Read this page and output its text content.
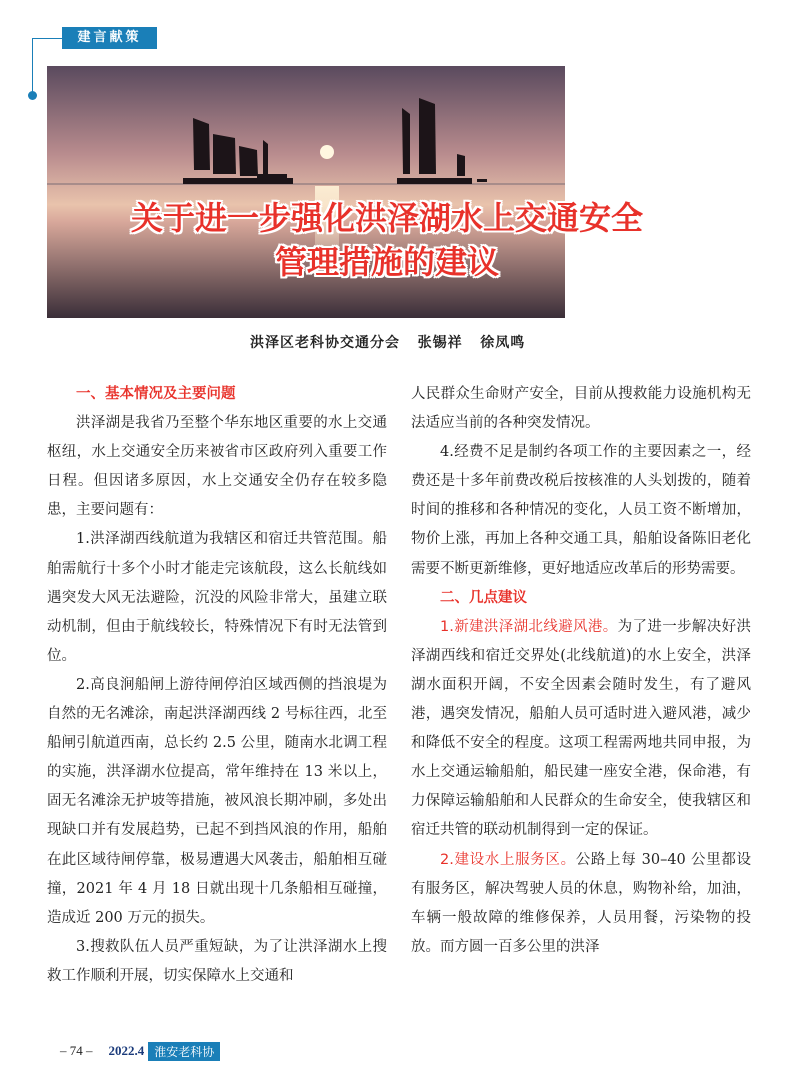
建言献策
关于进一步强化洪泽湖水上交通安全
管理措施的建议
洪泽区老科协交通分会   张锡祥   徐凤鸣
一、基本情况及主要问题

洪泽湖是我省乃至整个华东地区重要的水上交通枢纽，水上交通安全历来被省市区政府列入重要工作日程。但因诸多原因，水上交通安全仍存在较多隐患，主要问题有：

1.洪泽湖西线航道为我辖区和宿迁共管范围。船舶需航行十多个小时才能走完该航段，这么长航线如遇突发大风无法避险，沉没的风险非常大，虽建立联动机制，但由于航线较长，特殊情况下有时无法管到位。

2.高良涧船闸上游待闸停泊区域西侧的挡浪堤为自然的无名滩涂，南起洪泽湖西线 2 号标往西，北至船闸引航道西南，总长约 2.5 公里，随南水北调工程的实施，洪泽湖水位提高，常年维持在 13 米以上，固无名滩涂无护坡等措施，被风浪长期冲刷，多处出现缺口并有发展趋势，已起不到挡风浪的作用，船舶在此区域待闸停靠，极易遭遇大风袭击，船舶相互碰撞，2021 年 4 月 18 日就出现十几条船相互碰撞，造成近 200 万元的损失。

3.搜救队伍人员严重短缺，为了让洪泽湖水上搜救工作顺利开展，切实保障水上交通和

人民群众生命财产安全，目前从搜救能力设施机构无法适应当前的各种突发情况。

4.经费不足是制约各项工作的主要因素之一，经费还是十多年前费改税后按核准的人头划拨的，随着时间的推移和各种情况的变化，人员工资不断增加，物价上涨，再加上各种交通工具，船舶设备陈旧老化需要不断更新维修，更好地适应改革后的形势需要。

二、几点建议

1.新建洪泽湖北线避风港。为了进一步解决好洪泽湖西线和宿迁交界处(北线航道)的水上安全，洪泽湖水面积开阔，不安全因素会随时发生，有了避风港，遇突发情况，船舶人员可适时进入避风港，减少和降低不安全的程度。这项工程需两地共同申报，为水上交通运输船舶，船民建一座安全港，保命港，有力保障运输船舶和人民群众的生命安全，使我辖区和宿迁共管的联动机制得到一定的保证。

2.建设水上服务区。公路上每 30–40 公里都设有服务区，解决驾驶人员的休息，购物补给，加油，车辆一般故障的维修保养，人员用餐，污染物的投放。而方圆一百多公里的洪泽

– 74 – 2022.4 淮安老科协
